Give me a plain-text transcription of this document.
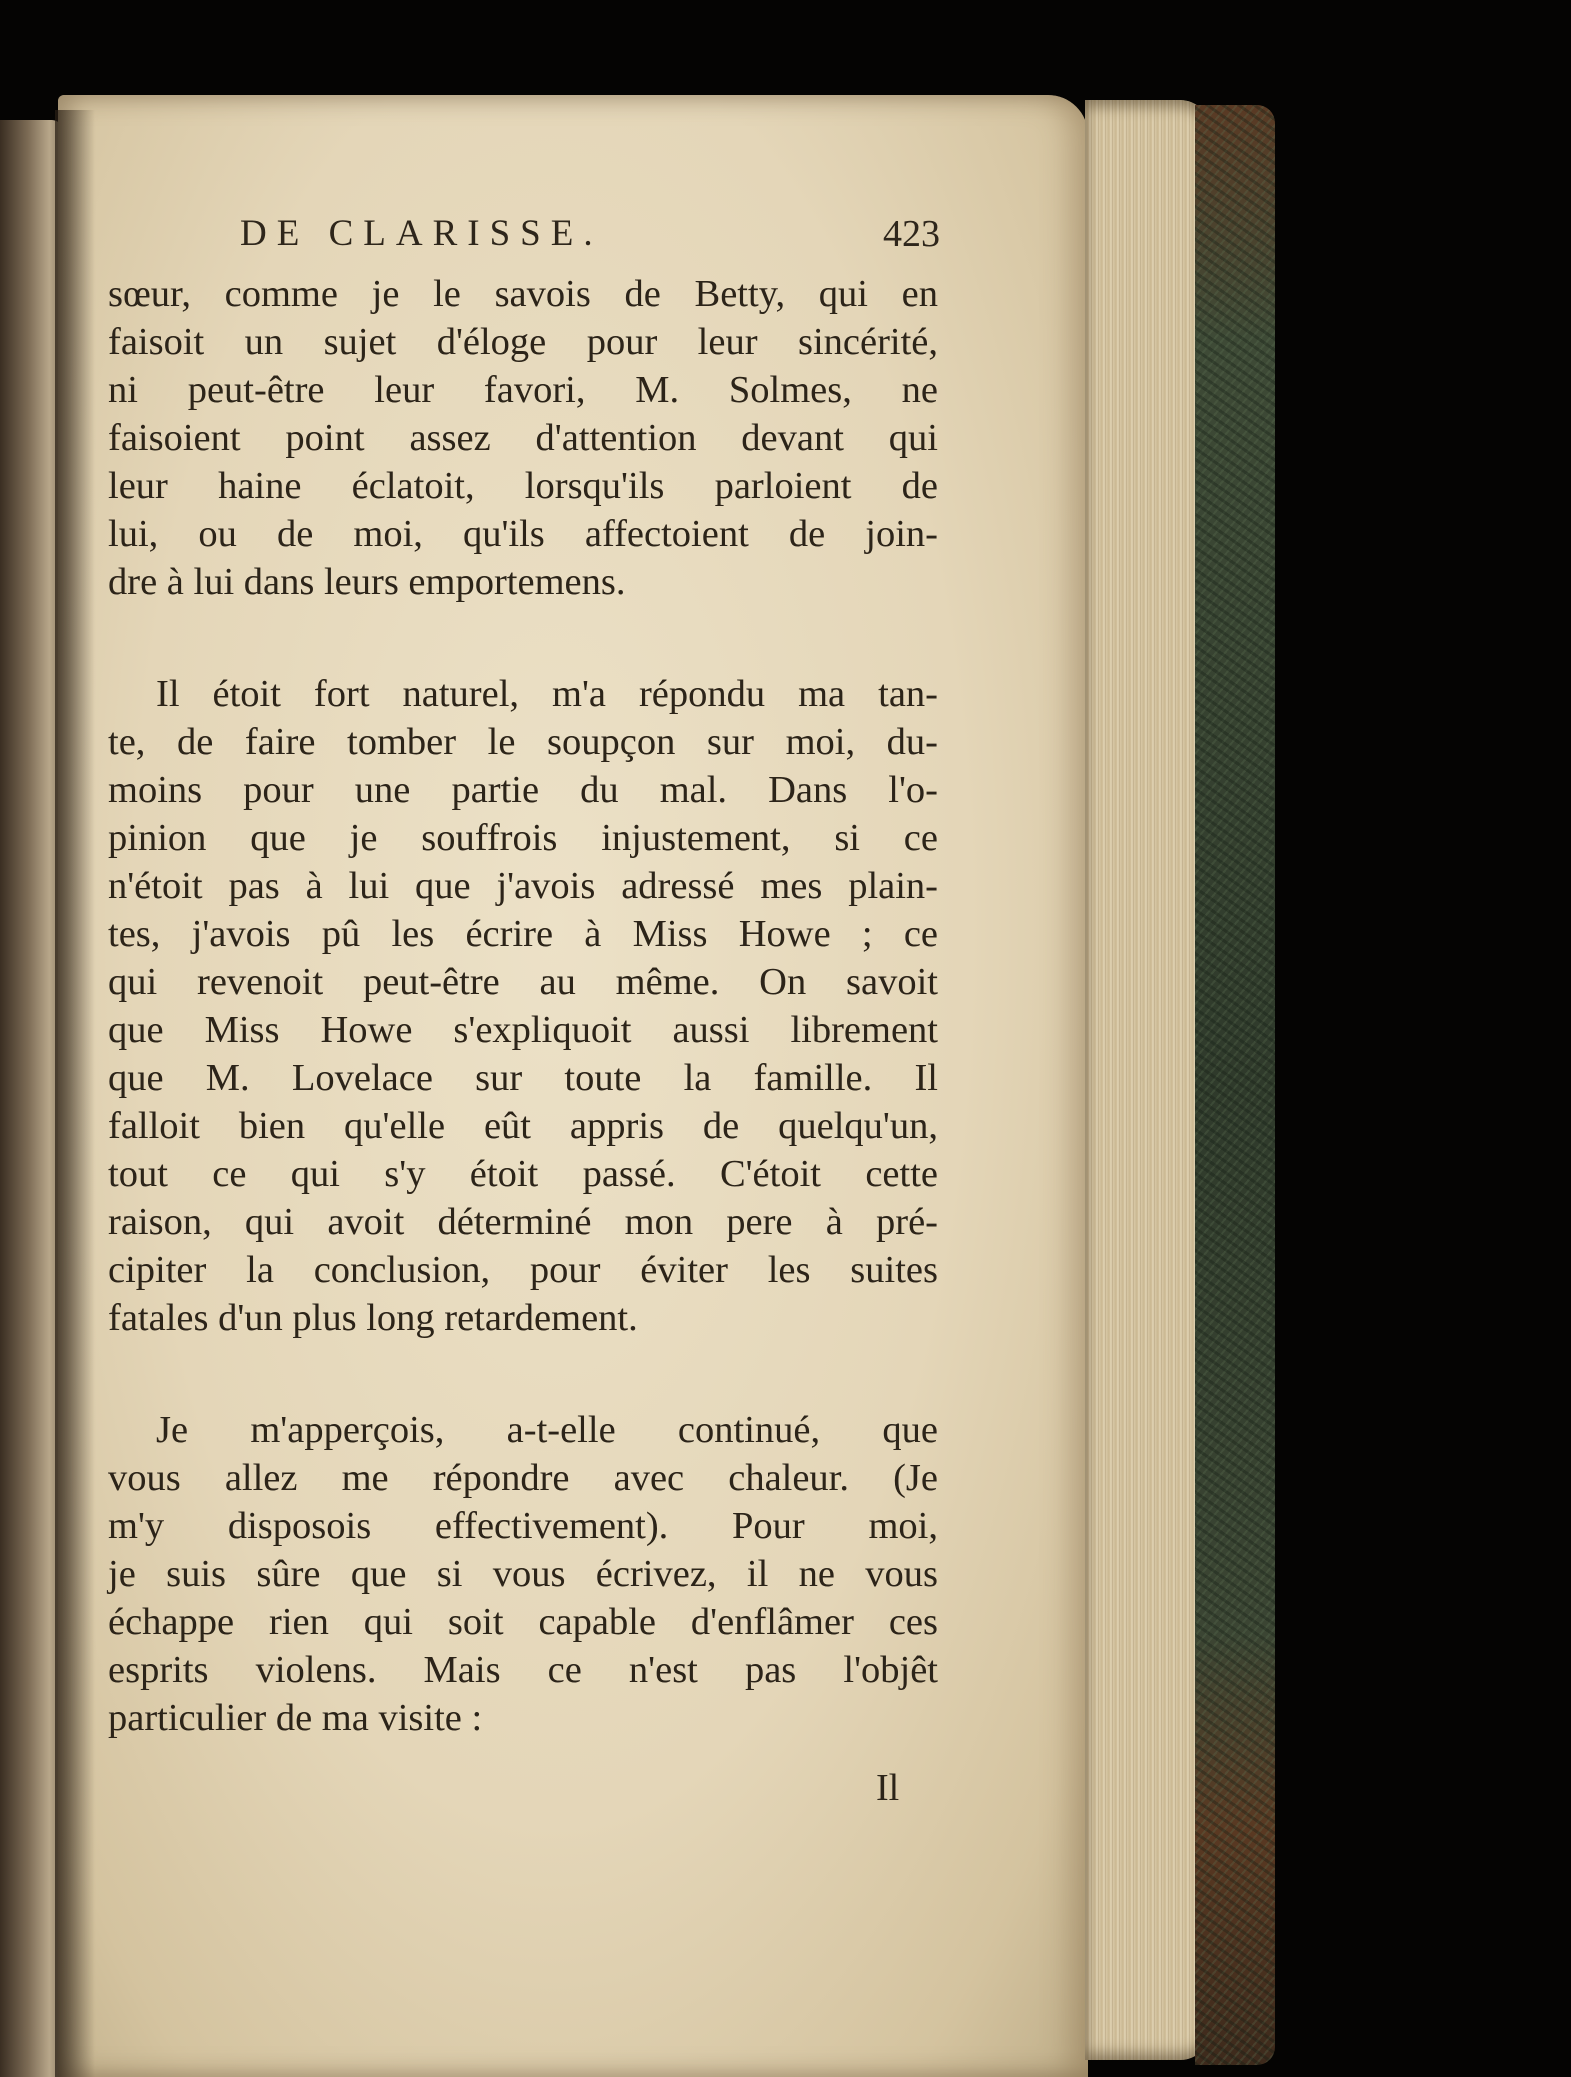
DE CLARISSE.	423
sœur, comme je le savois de Betty, qui en
faisoit un sujet d'éloge pour leur sincérité,
ni peut-être leur favori, M. Solmes, ne
faisoient point assez d'attention devant qui
leur haine éclatoit, lorsqu'ils parloient de
lui, ou de moi, qu'ils affectoient de join-
dre à lui dans leurs emportemens.
Il étoit fort naturel, m'a répondu ma tan-
te, de faire tomber le soupçon sur moi, du-
moins pour une partie du mal. Dans l'o-
pinion que je souffrois injustement, si ce
n'étoit pas à lui que j'avois adressé mes plain-
tes, j'avois pû les écrire à Miss Howe ; ce
qui revenoit peut-être au même. On savoit
que Miss Howe s'expliquoit aussi librement
que M. Lovelace sur toute la famille. Il
falloit bien qu'elle eût appris de quelqu'un,
tout ce qui s'y étoit passé. C'étoit cette
raison, qui avoit déterminé mon pere à pré-
cipiter la conclusion, pour éviter les suites
fatales d'un plus long retardement.
Je m'apperçois, a-t-elle continué, que
vous allez me répondre avec chaleur. (Je
m'y disposois effectivement). Pour moi,
je suis sûre que si vous écrivez, il ne vous
échappe rien qui soit capable d'enflâmer ces
esprits violens. Mais ce n'est pas l'objêt
particulier de ma visite :
Il
